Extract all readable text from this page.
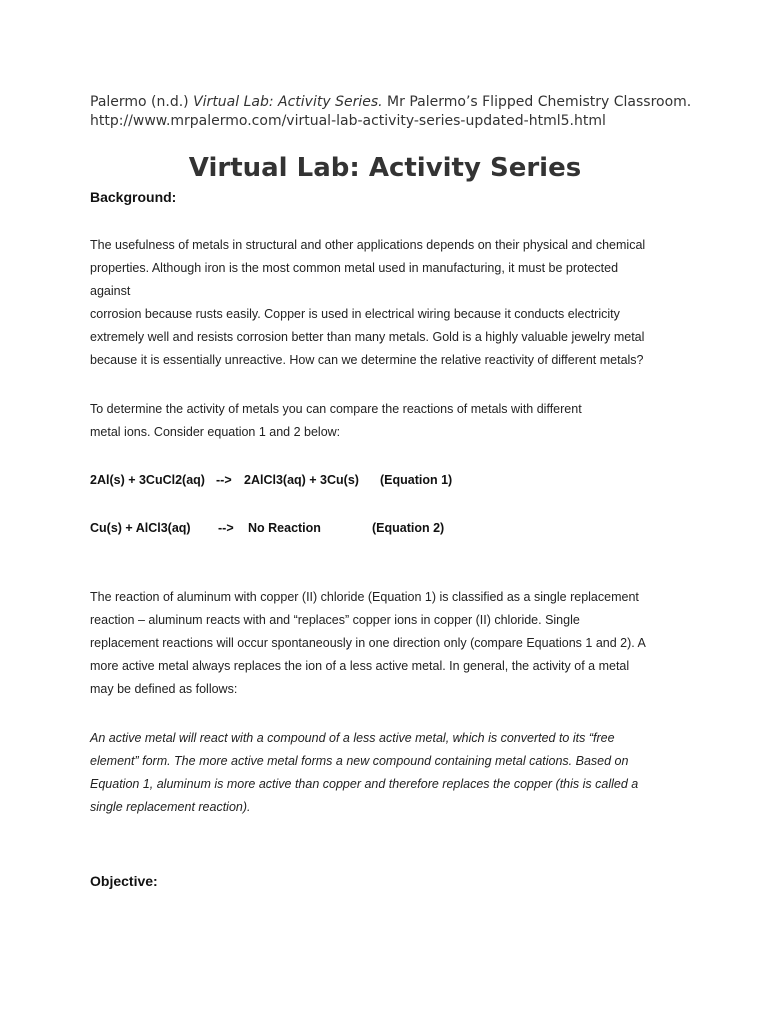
Palermo (n.d.) Virtual Lab: Activity Series. Mr Palermo’s Flipped Chemistry Classroom.
http://www.mrpalermo.com/virtual-lab-activity-series-updated-html5.html
Virtual Lab: Activity Series
Background:
The usefulness of metals in structural and other applications depends on their physical and chemical
properties. Although iron is the most common metal used in manufacturing, it must be protected
against
corrosion because rusts easily. Copper is used in electrical wiring because it conducts electricity
extremely well and resists corrosion better than many metals. Gold is a highly valuable jewelry metal
because it is essentially unreactive. How can we determine the relative reactivity of different metals?
To determine the activity of metals you can compare the reactions of metals with different
metal ions. Consider equation 1 and 2 below:
2Al(s) + 3CuCl2(aq) --> 2AlCl3(aq) + 3Cu(s) (Equation 1)
Cu(s) + AlCl3(aq) --> No Reaction	(Equation 2)
The reaction of aluminum with copper (II) chloride (Equation 1) is classified as a single replacement
reaction – aluminum reacts with and “replaces” copper ions in copper (II) chloride. Single
replacement reactions will occur spontaneously in one direction only (compare Equations 1 and 2). A
more active metal always replaces the ion of a less active metal. In general, the activity of a metal
may be defined as follows:
An active metal will react with a compound of a less active metal, which is converted to its “free
element” form. The more active metal forms a new compound containing metal cations. Based on
Equation 1, aluminum is more active than copper and therefore replaces the copper (this is called a
single replacement reaction).
Objective:
